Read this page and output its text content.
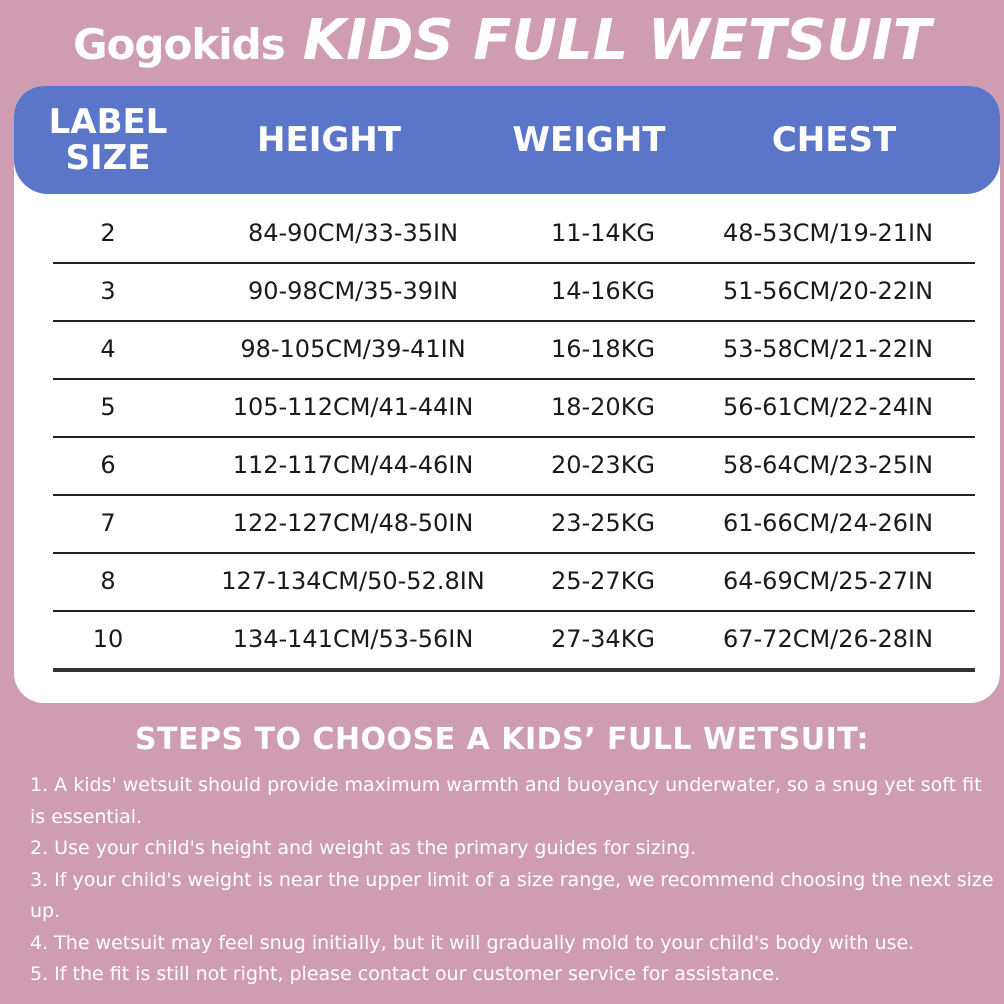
Gogokids KIDS FULL WETSUIT
LABEL
SIZE	HEIGHT	WEIGHT	CHEST
2	84-90CM/33-35IN	11-14KG	48-53CM/19-21IN
3	90-98CM/35-39IN	14-16KG	51-56CM/20-22IN
4	98-105CM/39-41IN	16-18KG	53-58CM/21-22IN
5	105-112CM/41-44IN	18-20KG	56-61CM/22-24IN
6	112-117CM/44-46IN	20-23KG	58-64CM/23-25IN
7	122-127CM/48-50IN	23-25KG	61-66CM/24-26IN
8	127-134CM/50-52.8IN	25-27KG	64-69CM/25-27IN
10	134-141CM/53-56IN	27-34KG	67-72CM/26-28IN
STEPS TO CHOOSE A KIDS’ FULL WETSUIT:

1. A kids' wetsuit should provide maximum warmth and buoyancy underwater, so a snug yet soft fit is essential.

2. Use your child's height and weight as the primary guides for sizing.

3. If your child's weight is near the upper limit of a size range, we recommend choosing the next size up.

4. The wetsuit may feel snug initially, but it will gradually mold to your child's body with use.

5. If the fit is still not right, please contact our customer service for assistance.
